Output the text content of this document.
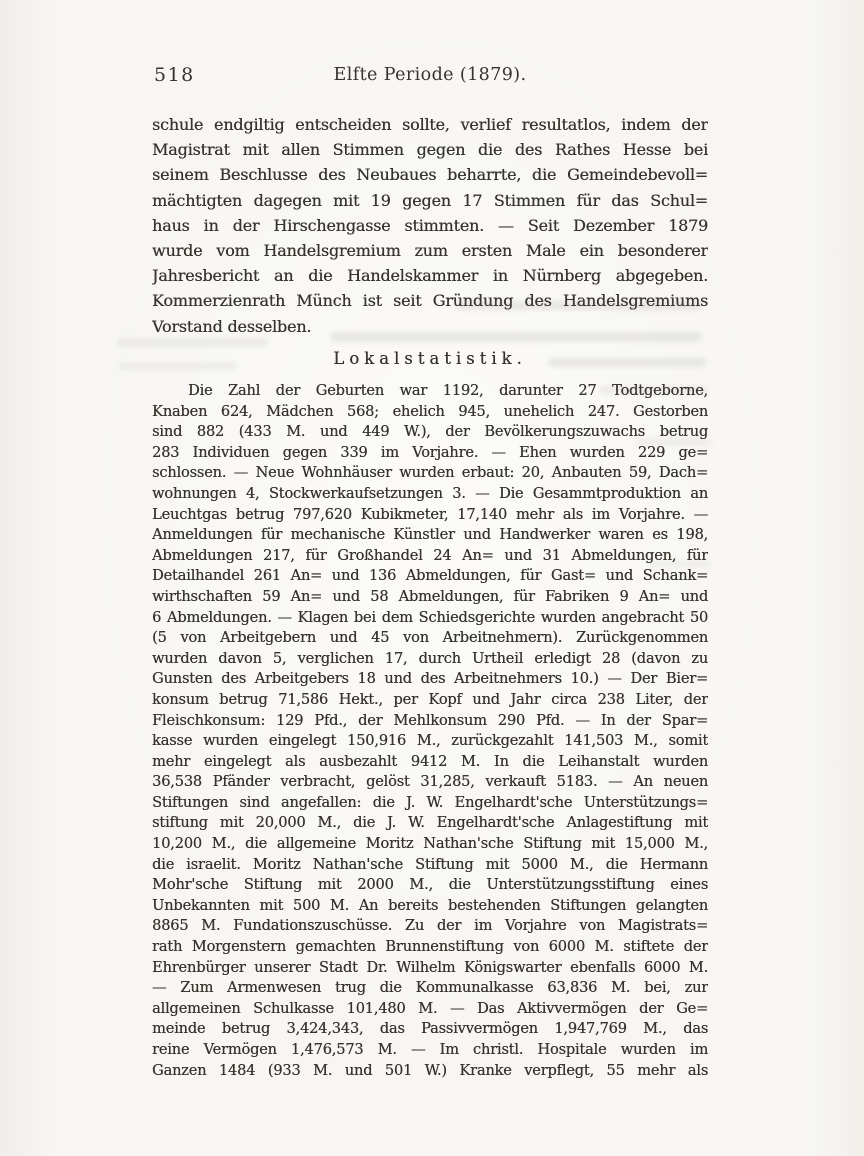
518	Elfte Periode (1879).
schule endgiltig entscheiden sollte, verlief resultatlos, indem der
Magistrat mit allen Stimmen gegen die des Rathes Hesse bei
seinem Beschlusse des Neubaues beharrte, die Gemeindebevoll=
mächtigten dagegen mit 19 gegen 17 Stimmen für das Schul=
haus in der Hirschengasse stimmten. — Seit Dezember 1879
wurde vom Handelsgremium zum ersten Male ein besonderer
Jahresbericht an die Handelskammer in Nürnberg abgegeben.
Kommerzienrath Münch ist seit Gründung des Handelsgremiums
Vorstand desselben.
Lokalstatistik.
Die Zahl der Geburten war 1192, darunter 27 Todtgeborne,
Knaben 624, Mädchen 568; ehelich 945, unehelich 247. Gestorben
sind 882 (433 M. und 449 W.), der Bevölkerungszuwachs betrug
283 Individuen gegen 339 im Vorjahre. — Ehen wurden 229 ge=
schlossen. — Neue Wohnhäuser wurden erbaut: 20, Anbauten 59, Dach=
wohnungen 4, Stockwerkaufsetzungen 3. — Die Gesammtproduktion an
Leuchtgas betrug 797,620 Kubikmeter, 17,140 mehr als im Vorjahre. —
Anmeldungen für mechanische Künstler und Handwerker waren es 198,
Abmeldungen 217, für Großhandel 24 An= und 31 Abmeldungen, für
Detailhandel 261 An= und 136 Abmeldungen, für Gast= und Schank=
wirthschaften 59 An= und 58 Abmeldungen, für Fabriken 9 An= und
6 Abmeldungen. — Klagen bei dem Schiedsgerichte wurden angebracht 50
(5 von Arbeitgebern und 45 von Arbeitnehmern). Zurückgenommen
wurden davon 5, verglichen 17, durch Urtheil erledigt 28 (davon zu
Gunsten des Arbeitgebers 18 und des Arbeitnehmers 10.) — Der Bier=
konsum betrug 71,586 Hekt., per Kopf und Jahr circa 238 Liter, der
Fleischkonsum: 129 Pfd., der Mehlkonsum 290 Pfd. — In der Spar=
kasse wurden eingelegt 150,916 M., zurückgezahlt 141,503 M., somit
mehr eingelegt als ausbezahlt 9412 M. In die Leihanstalt wurden
36,538 Pfänder verbracht, gelöst 31,285, verkauft 5183. — An neuen
Stiftungen sind angefallen: die J. W. Engelhardt'sche Unterstützungs=
stiftung mit 20,000 M., die J. W. Engelhardt'sche Anlagestiftung mit
10,200 M., die allgemeine Moritz Nathan'sche Stiftung mit 15,000 M.,
die israelit. Moritz Nathan'sche Stiftung mit 5000 M., die Hermann
Mohr'sche Stiftung mit 2000 M., die Unterstützungsstiftung eines
Unbekannten mit 500 M. An bereits bestehenden Stiftungen gelangten
8865 M. Fundationszuschüsse. Zu der im Vorjahre von Magistrats=
rath Morgenstern gemachten Brunnenstiftung von 6000 M. stiftete der
Ehrenbürger unserer Stadt Dr. Wilhelm Königswarter ebenfalls 6000 M.
— Zum Armenwesen trug die Kommunalkasse 63,836 M. bei, zur
allgemeinen Schulkasse 101,480 M. — Das Aktivvermögen der Ge=
meinde betrug 3,424,343, das Passivvermögen 1,947,769 M., das
reine Vermögen 1,476,573 M. — Im christl. Hospitale wurden im
Ganzen 1484 (933 M. und 501 W.) Kranke verpflegt, 55 mehr als
